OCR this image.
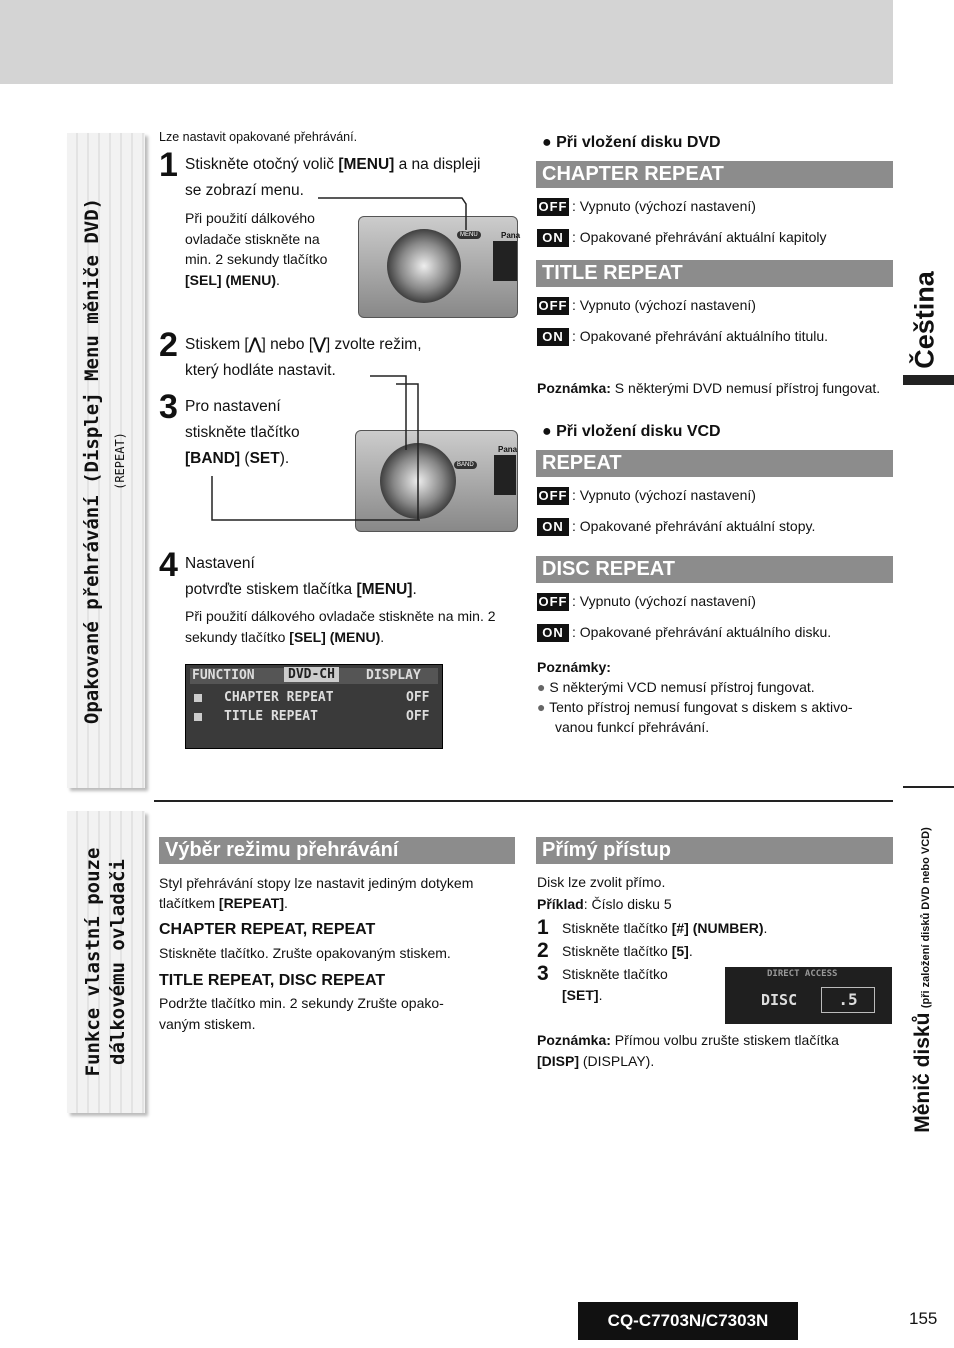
Opakované přehrávání (Displej Menu měniče DVD) (REPEAT)
Funkce vlastní pouze dálkovému ovladači
Čeština
Měnič disků (při založení disků DVD nebo VCD)
Lze nastavit opakované přehrávání.
1 Stiskněte otočný volič [MENU] a na displeji
se zobrazí menu.
Při použití dálkového
ovladače stiskněte na
min. 2 sekundy tlačítko
[SEL] (MENU).
MENU	Pana
2 Stiskem [⋀] nebo [⋁] zvolte režim,
který hodláte nastavit.
3 Pro nastavení
stiskněte tlačítko
[BAND] (SET).	BAND
Pana
4 Nastavení
potvrďte stiskem tlačítka [MENU].
Při použití dálkového ovladače stiskněte na min. 2
sekundy tlačítko [SEL] (MENU).
FUNCTION	DVD-CH	DISPLAY
CHAPTER REPEAT	OFF
TITLE REPEAT	OFF
● Při vložení disku DVD
CHAPTER REPEAT
OFF : Vypnuto (výchozí nastavení)
ON : Opakované přehrávání aktuální kapitoly
TITLE REPEAT
OFF : Vypnuto (výchozí nastavení)
ON : Opakované přehrávání aktuálního titulu.
Poznámka: S některými DVD nemusí přístroj fungovat.
● Při vložení disku VCD
REPEAT
OFF : Vypnuto (výchozí nastavení)
ON : Opakované přehrávání aktuální stopy.
DISC REPEAT
OFF : Vypnuto (výchozí nastavení)
ON : Opakované přehrávání aktuálního disku.
Poznámky:
● S některými VCD nemusí přístroj fungovat.
● Tento přístroj nemusí fungovat s diskem s aktivo-
vanou funkcí přehrávání.
Výběr režimu přehrávání
Styl přehrávání stopy lze nastavit jediným dotykem
tlačítkem [REPEAT].
CHAPTER REPEAT, REPEAT
Stiskněte tlačítko. Zrušte opakovaným stiskem.
TITLE REPEAT, DISC REPEAT
Podržte tlačítko min. 2 sekundy Zrušte opako-
vaným stiskem.
Přímý přístup
Disk lze zvolit přímo.
Příklad: Číslo disku 5
1 Stiskněte tlačítko [#] (NUMBER).
2 Stiskněte tlačítko [5].
3 Stiskněte tlačítko
[SET].
DIRECT ACCESS
DISC	.5
Poznámka: Přímou volbu zrušte stiskem tlačítka
[DISP] (DISPLAY).
CQ-C7703N/C7303N	155
